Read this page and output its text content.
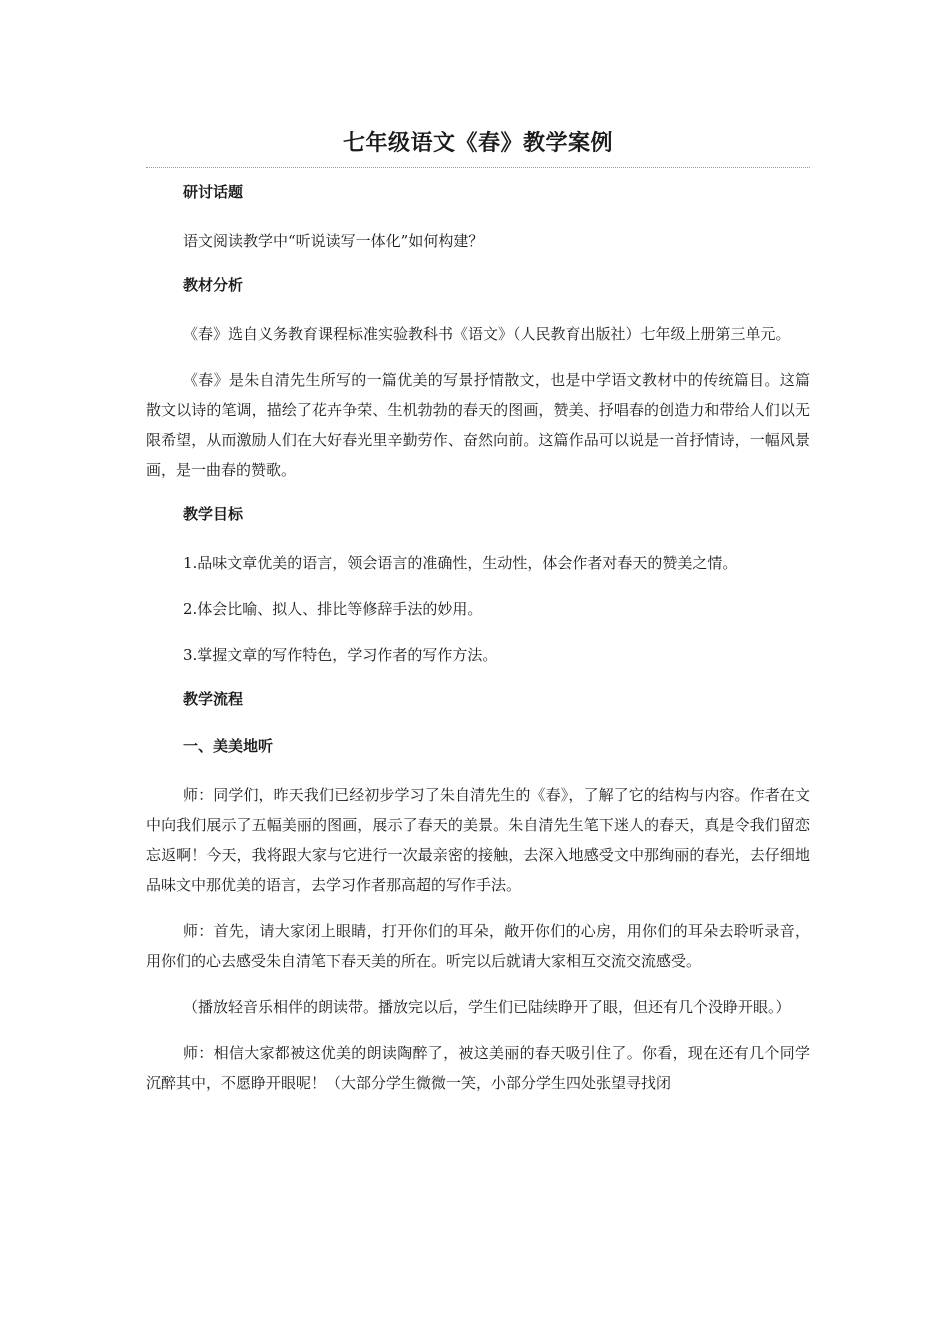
七年级语文《春》教学案例
研讨话题

语文阅读教学中“听说读写一体化”如何构建？

教材分析

《春》选自义务教育课程标准实验教科书《语文》（人民教育出版社）七年级上册第三单元。

《春》是朱自清先生所写的一篇优美的写景抒情散文，也是中学语文教材中的传统篇目。这篇散文以诗的笔调，描绘了花卉争荣、生机勃勃的春天的图画，赞美、抒唱春的创造力和带给人们以无限希望，从而激励人们在大好春光里辛勤劳作、奋然向前。这篇作品可以说是一首抒情诗，一幅风景画，是一曲春的赞歌。

教学目标

1.品味文章优美的语言，领会语言的准确性，生动性，体会作者对春天的赞美之情。

2.体会比喻、拟人、排比等修辞手法的妙用。

3.掌握文章的写作特色，学习作者的写作方法。

教学流程
一、美美地听

师：同学们，昨天我们已经初步学习了朱自清先生的《春》，了解了它的结构与内容。作者在文中向我们展示了五幅美丽的图画，展示了春天的美景。朱自清先生笔下迷人的春天，真是令我们留恋忘返啊！今天，我将跟大家与它进行一次最亲密的接触，去深入地感受文中那绚丽的春光，去仔细地品味文中那优美的语言，去学习作者那高超的写作手法。

师：首先，请大家闭上眼睛，打开你们的耳朵，敞开你们的心房，用你们的耳朵去聆听录音，用你们的心去感受朱自清笔下春天美的所在。听完以后就请大家相互交流交流感受。

（播放轻音乐相伴的朗读带。播放完以后，学生们已陆续睁开了眼，但还有几个没睁开眼。）

师：相信大家都被这优美的朗读陶醉了，被这美丽的春天吸引住了。你看，现在还有几个同学沉醉其中，不愿睁开眼呢！（大部分学生微微一笑，小部分学生四处张望寻找闭
